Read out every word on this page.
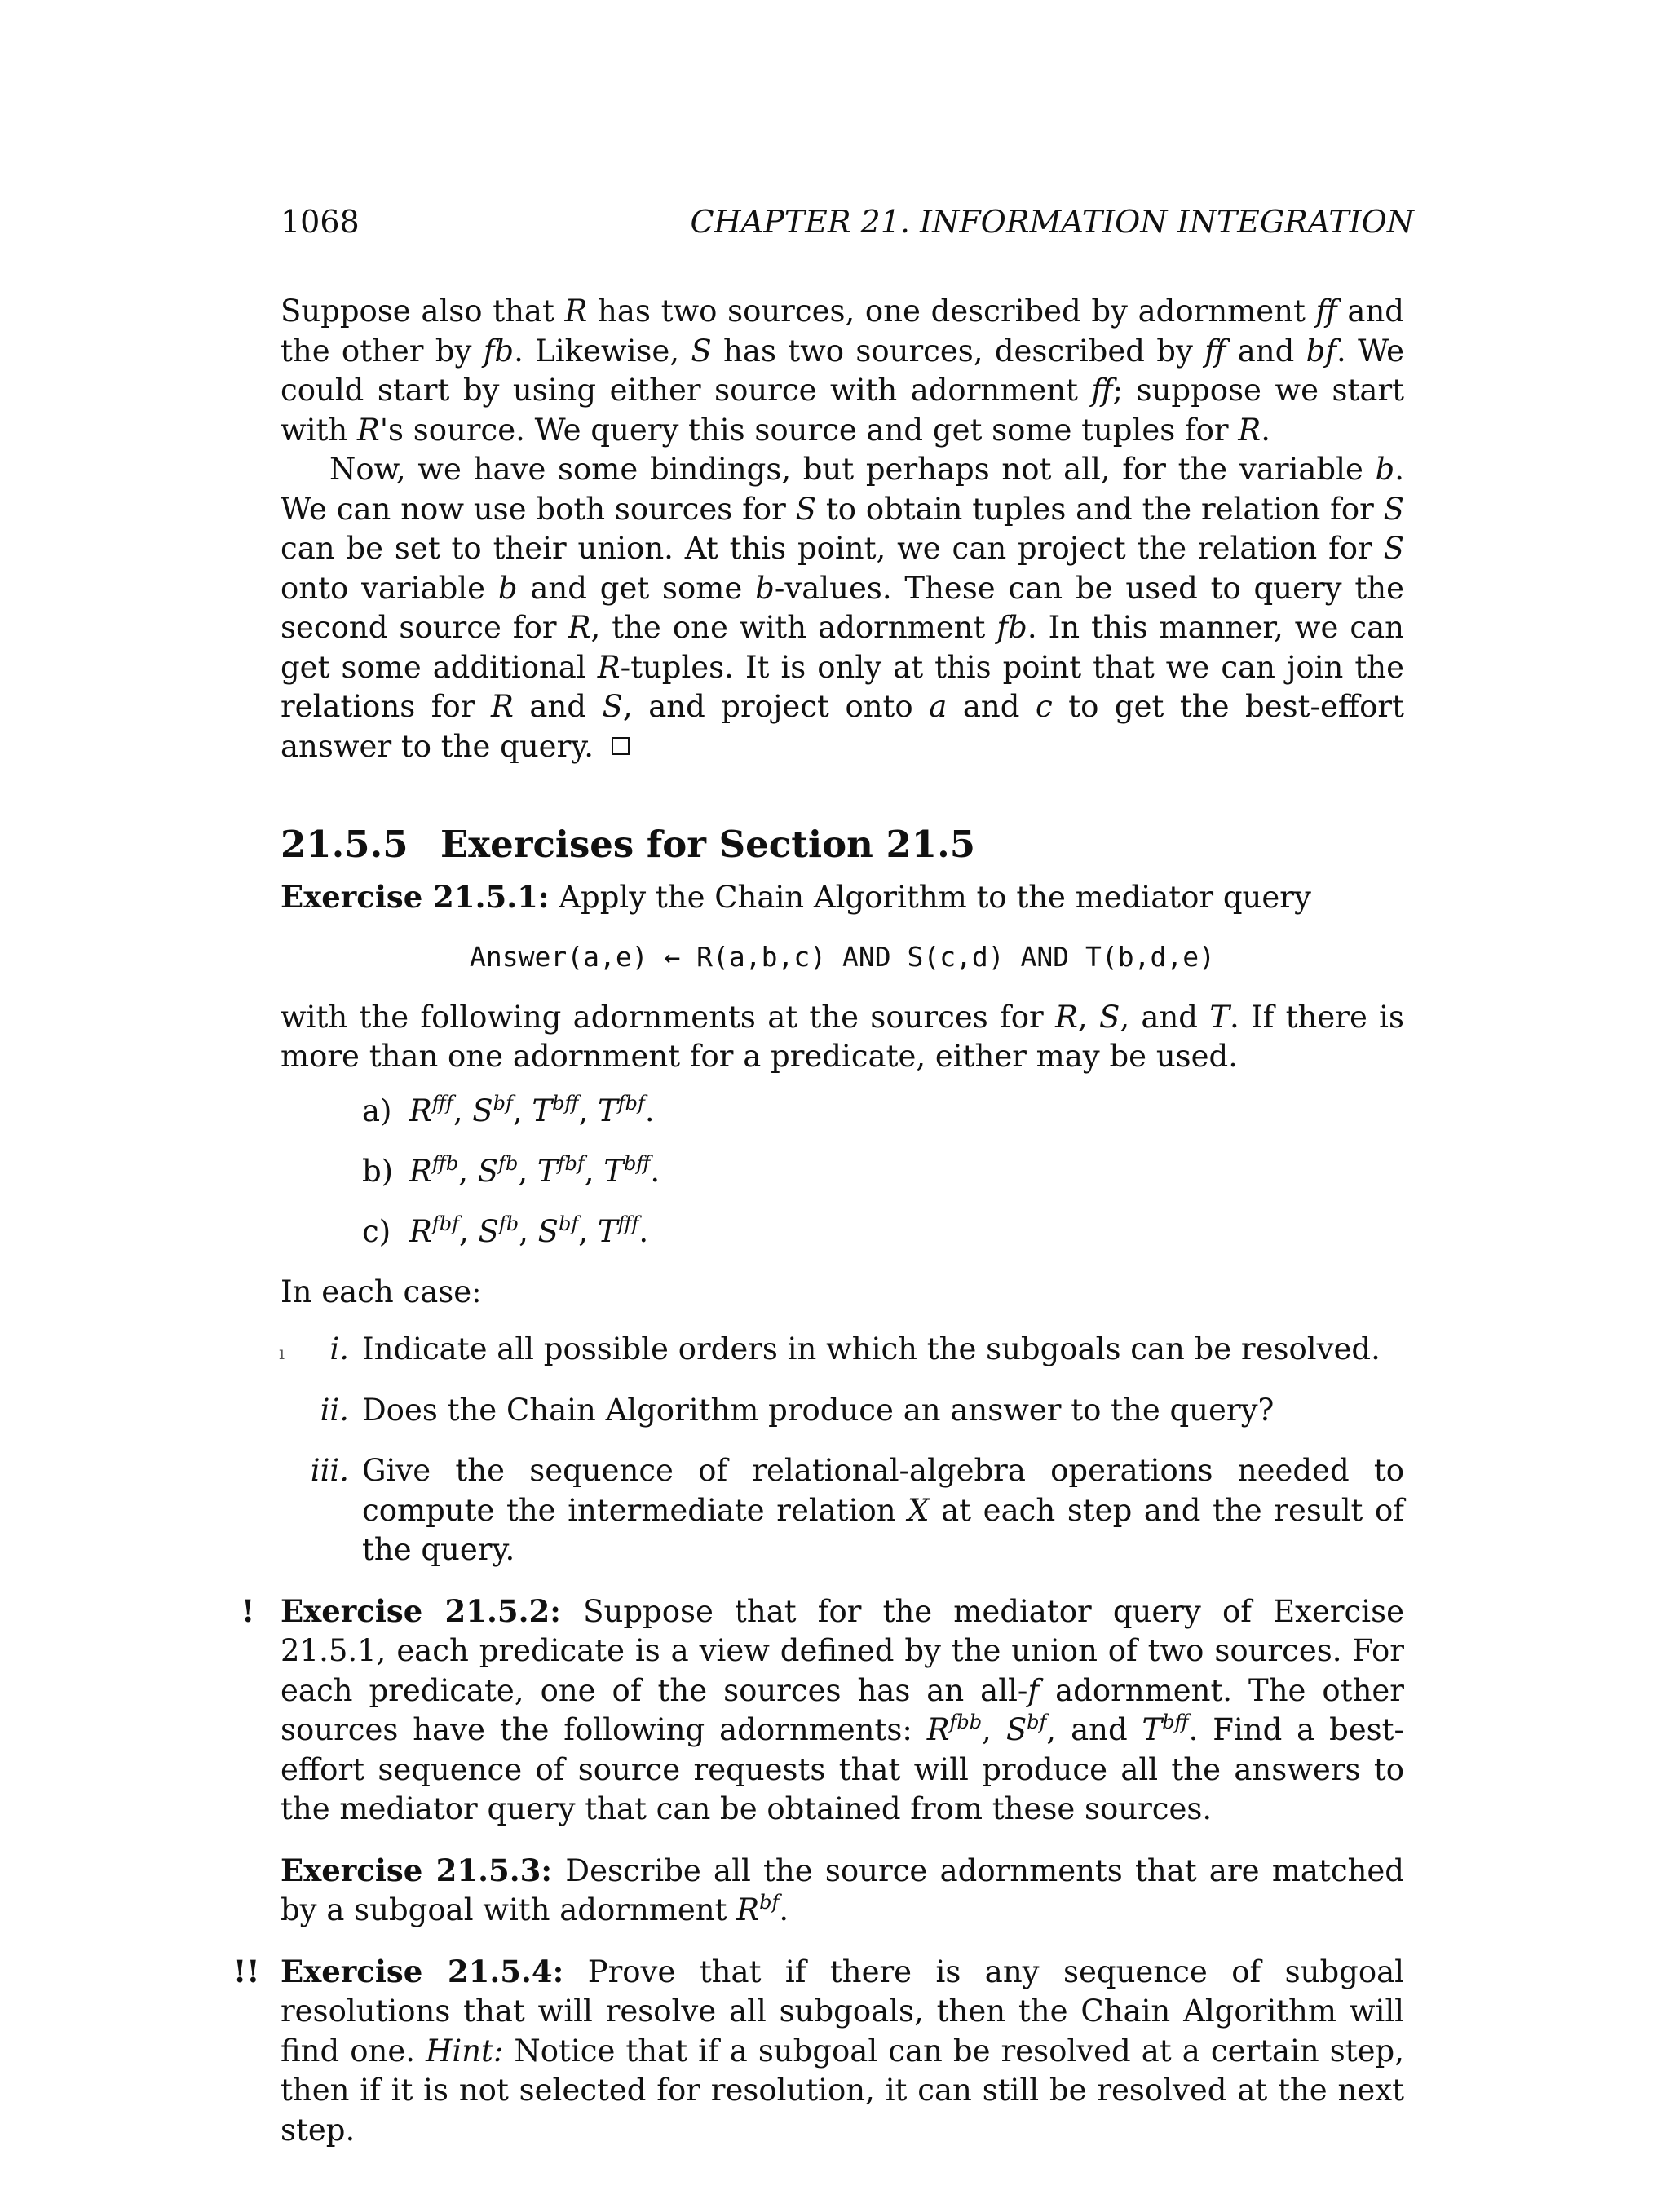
1068	CHAPTER 21. INFORMATION INTEGRATION

Suppose also that R has two sources, one described by adornment ff and the other by fb. Likewise, S has two sources, described by ff and bf. We could start by using either source with adornment ff; suppose we start with R's source. We query this source and get some tuples for R.

Now, we have some bindings, but perhaps not all, for the variable b. We can now use both sources for S to obtain tuples and the relation for S can be set to their union. At this point, we can project the relation for S onto variable b and get some b-values. These can be used to query the second source for R, the one with adornment fb. In this manner, we can get some additional R-tuples. It is only at this point that we can join the relations for R and S, and project onto a and c to get the best-effort answer to the query.

21.5.5 Exercises for Section 21.5

Exercise 21.5.1: Apply the Chain Algorithm to the mediator query

Answer(a,e) ← R(a,b,c) AND S(c,d) AND T(b,d,e)

with the following adornments at the sources for R, S, and T. If there is more than one adornment for a predicate, either may be used.

a) $R^{fff}$, $S^{bf}$, $T^{bff}$, $T^{fbf}$.
b) $R^{ffb}$, $S^{fb}$, $T^{fbf}$, $T^{bff}$.
c) $R^{fbf}$, $S^{fb}$, $S^{bf}$, $T^{fff}$.

In each case:

ı	i. Indicate all possible orders in which the subgoals can be resolved.
ii. Does the Chain Algorithm produce an answer to the query?
iii. Give the sequence of relational-algebra operations needed to compute the intermediate relation X at each step and the result of the query.
! Exercise 21.5.2: Suppose that for the mediator query of Exercise 21.5.1, each predicate is a view defined by the union of two sources. For each predicate, one of the sources has an all-f adornment. The other sources have the following adornments: $R^{fbb}$, $S^{bf}$, and $T^{bff}$. Find a best-effort sequence of source requests that will produce all the answers to the mediator query that can be obtained from these sources.

Exercise 21.5.3: Describe all the source adornments that are matched by a subgoal with adornment $R^{bf}$.

!! Exercise 21.5.4: Prove that if there is any sequence of subgoal resolutions that will resolve all subgoals, then the Chain Algorithm will find one. Hint: Notice that if a subgoal can be resolved at a certain step, then if it is not selected for resolution, it can still be resolved at the next step.
